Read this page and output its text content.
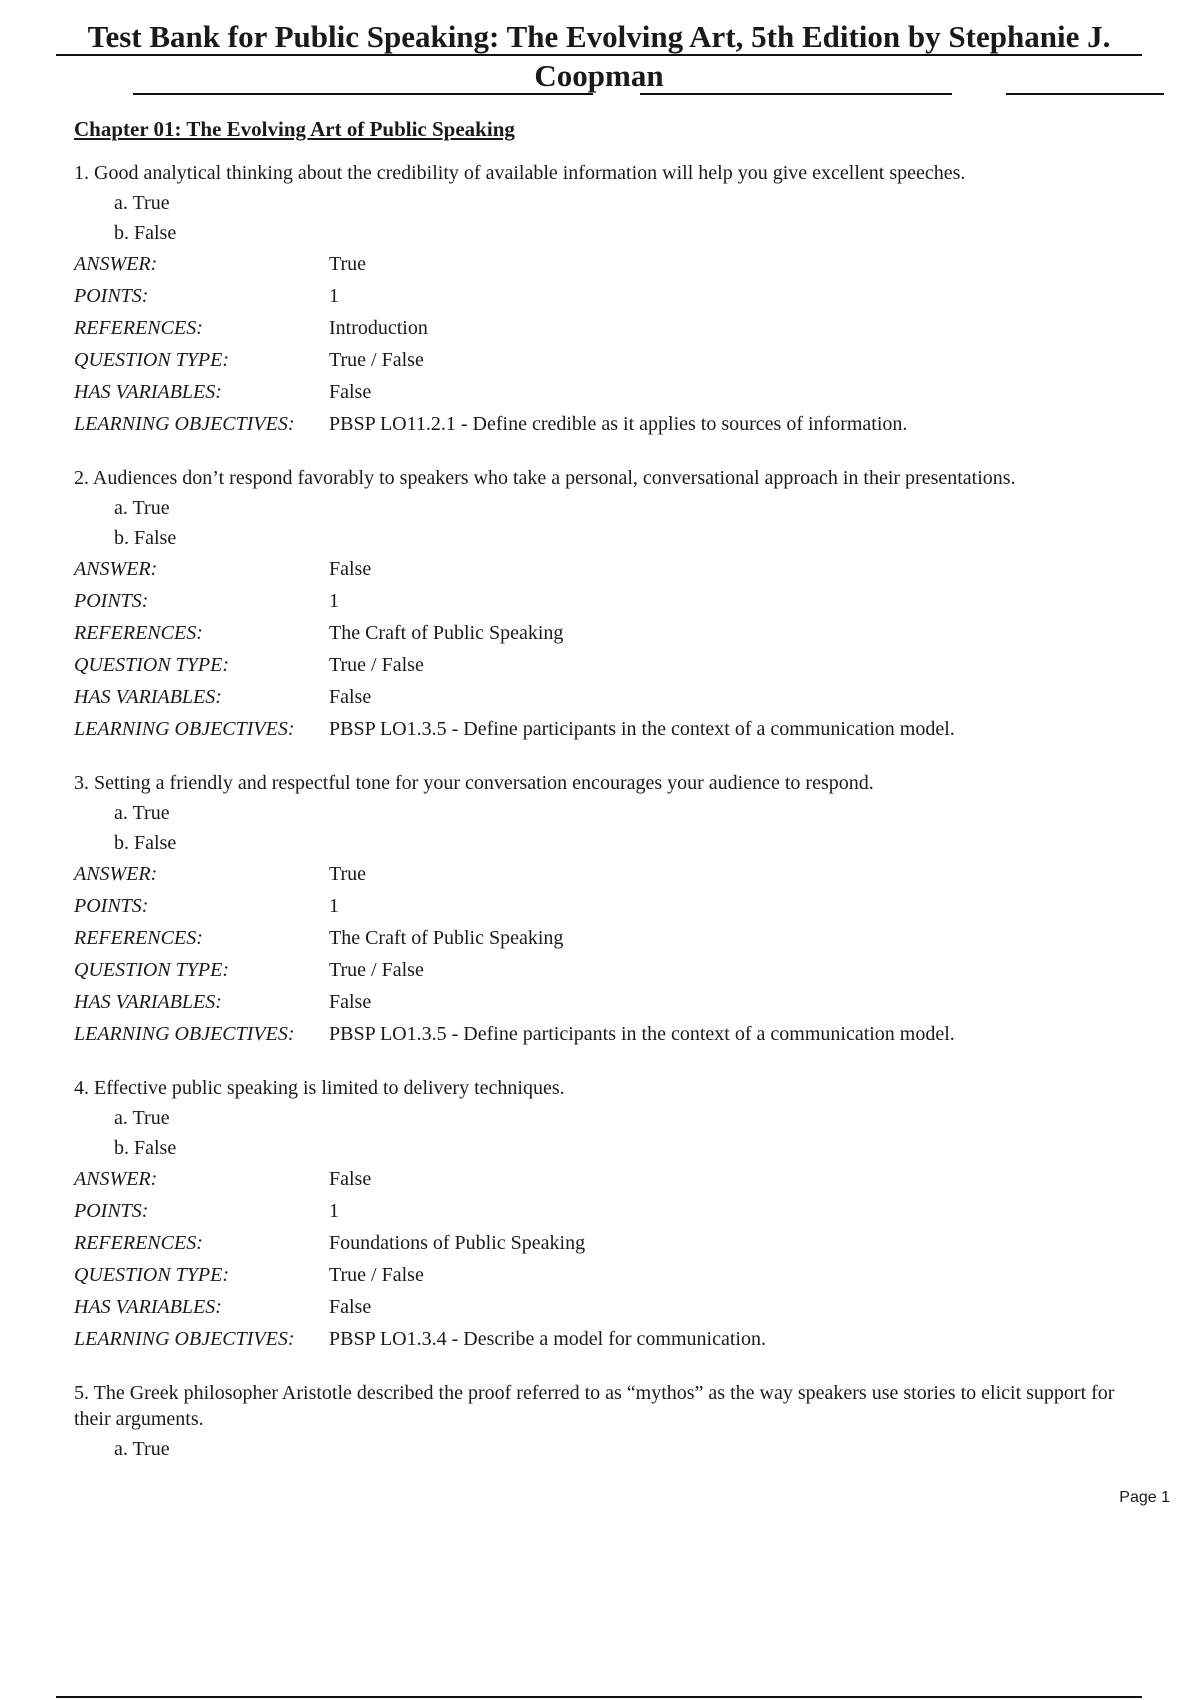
Test Bank for Public Speaking: The Evolving Art, 5th Edition by Stephanie J.
Coopman
Chapter 01: The Evolving Art of Public Speaking
1. Good analytical thinking about the credibility of available information will help you give excellent speeches.
a. True
b. False
ANSWER:	True
POINTS:	1
REFERENCES:	Introduction
QUESTION TYPE:	True / False
HAS VARIABLES:	False
LEARNING OBJECTIVES:	PBSP LO11.2.1 - Define credible as it applies to sources of information.
2. Audiences don’t respond favorably to speakers who take a personal, conversational approach in their presentations.
a. True
b. False
ANSWER:	False
POINTS:	1
REFERENCES:	The Craft of Public Speaking
QUESTION TYPE:	True / False
HAS VARIABLES:	False
LEARNING OBJECTIVES:	PBSP LO1.3.5 - Define participants in the context of a communication model.
3. Setting a friendly and respectful tone for your conversation encourages your audience to respond.
a. True
b. False
ANSWER:	True
POINTS:	1
REFERENCES:	The Craft of Public Speaking
QUESTION TYPE:	True / False
HAS VARIABLES:	False
LEARNING OBJECTIVES:	PBSP LO1.3.5 - Define participants in the context of a communication model.
4. Effective public speaking is limited to delivery techniques.
a. True
b. False
ANSWER:	False
POINTS:	1
REFERENCES:	Foundations of Public Speaking
QUESTION TYPE:	True / False
HAS VARIABLES:	False
LEARNING OBJECTIVES:	PBSP LO1.3.4 - Describe a model for communication.
5. The Greek philosopher Aristotle described the proof referred to as “mythos” as the way speakers use stories to elicit support for their arguments.
a. True
Page 1
